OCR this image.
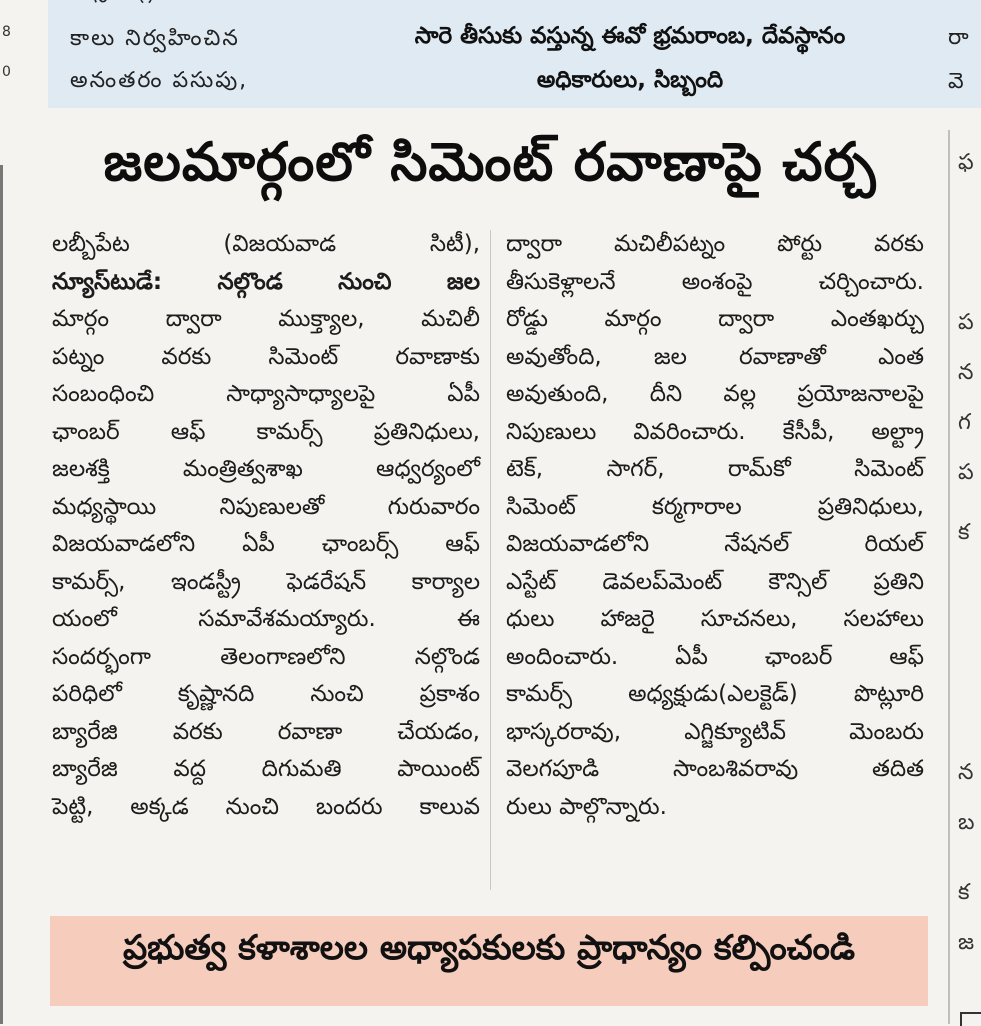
కాలు నిర్వహించిన
అనంతరం పసుపు,
సారె తీసుకు వస్తున్న ఈవో భ్రమరాంబ, దేవస్థానం
అధికారులు, సిబ్బంది
రా
వె
8
0
జలమార్గంలో సిమెంట్‌ రవాణాపై చర్చ
లబ్బీపేట (విజయవాడ సిటీ),
న్యూస్‌టుడే: నల్గొండ నుంచి జల
మార్గం ద్వారా ముక్త్యాల, మచిలీ
పట్నం వరకు సిమెంట్‌ రవాణాకు
సంబంధించి సాధ్యాసాధ్యాలపై ఏపీ
ఛాంబర్‌ ఆఫ్‌ కామర్స్‌ ప్రతినిధులు,
జలశక్తి మంత్రిత్వశాఖ ఆధ్వర్యంలో
మధ్యస్థాయి నిపుణులతో గురువారం
విజయవాడలోని ఏపీ ఛాంబర్స్‌ ఆఫ్‌
కామర్స్‌, ఇండస్ట్రీ ఫెడరేషన్‌ కార్యాల
యంలో సమావేశమయ్యారు. ఈ
సందర్భంగా తెలంగాణలోని నల్గొండ
పరిధిలో కృష్ణానది నుంచి ప్రకాశం
బ్యారేజి వరకు రవాణా చేయడం,
బ్యారేజి వద్ద దిగుమతి పాయింట్‌
పెట్టి, అక్కడ నుంచి బందరు కాలువ
ద్వారా మచిలీపట్నం పోర్టు వరకు
తీసుకెళ్లాలనే అంశంపై చర్చించారు.
రోడ్డు మార్గం ద్వారా ఎంతఖర్చు
అవుతోంది, జల రవాణాతో ఎంత
అవుతుంది, దీని వల్ల ప్రయోజనాలపై
నిపుణులు వివరించారు. కేసీపీ, అల్ట్రా
టెక్‌, సాగర్‌, రామ్‌కో సిమెంట్‌
సిమెంట్‌ కర్మగారాల ప్రతినిధులు,
విజయవాడలోని నేషనల్‌ రియల్‌
ఎస్టేట్‌ డెవలప్‌మెంట్‌ కౌన్సిల్‌ ప్రతిని
ధులు హాజరై సూచనలు, సలహాలు
అందించారు. ఏపీ ఛాంబర్‌ ఆఫ్‌
కామర్స్‌ అధ్యక్షుడు(ఎలక్టెడ్‌) పొట్లూరి
భాస్కరరావు, ఎగ్జిక్యూటివ్‌ మెంబరు
వెలగపూడి సాంబశివరావు తదిత
రులు పాల్గొన్నారు.
ఫ
ప
న
గ
ప
క
న
బ
క
జ
ప్రభుత్వ కళాశాలల అధ్యాపకులకు ప్రాధాన్యం కల్పించండి
